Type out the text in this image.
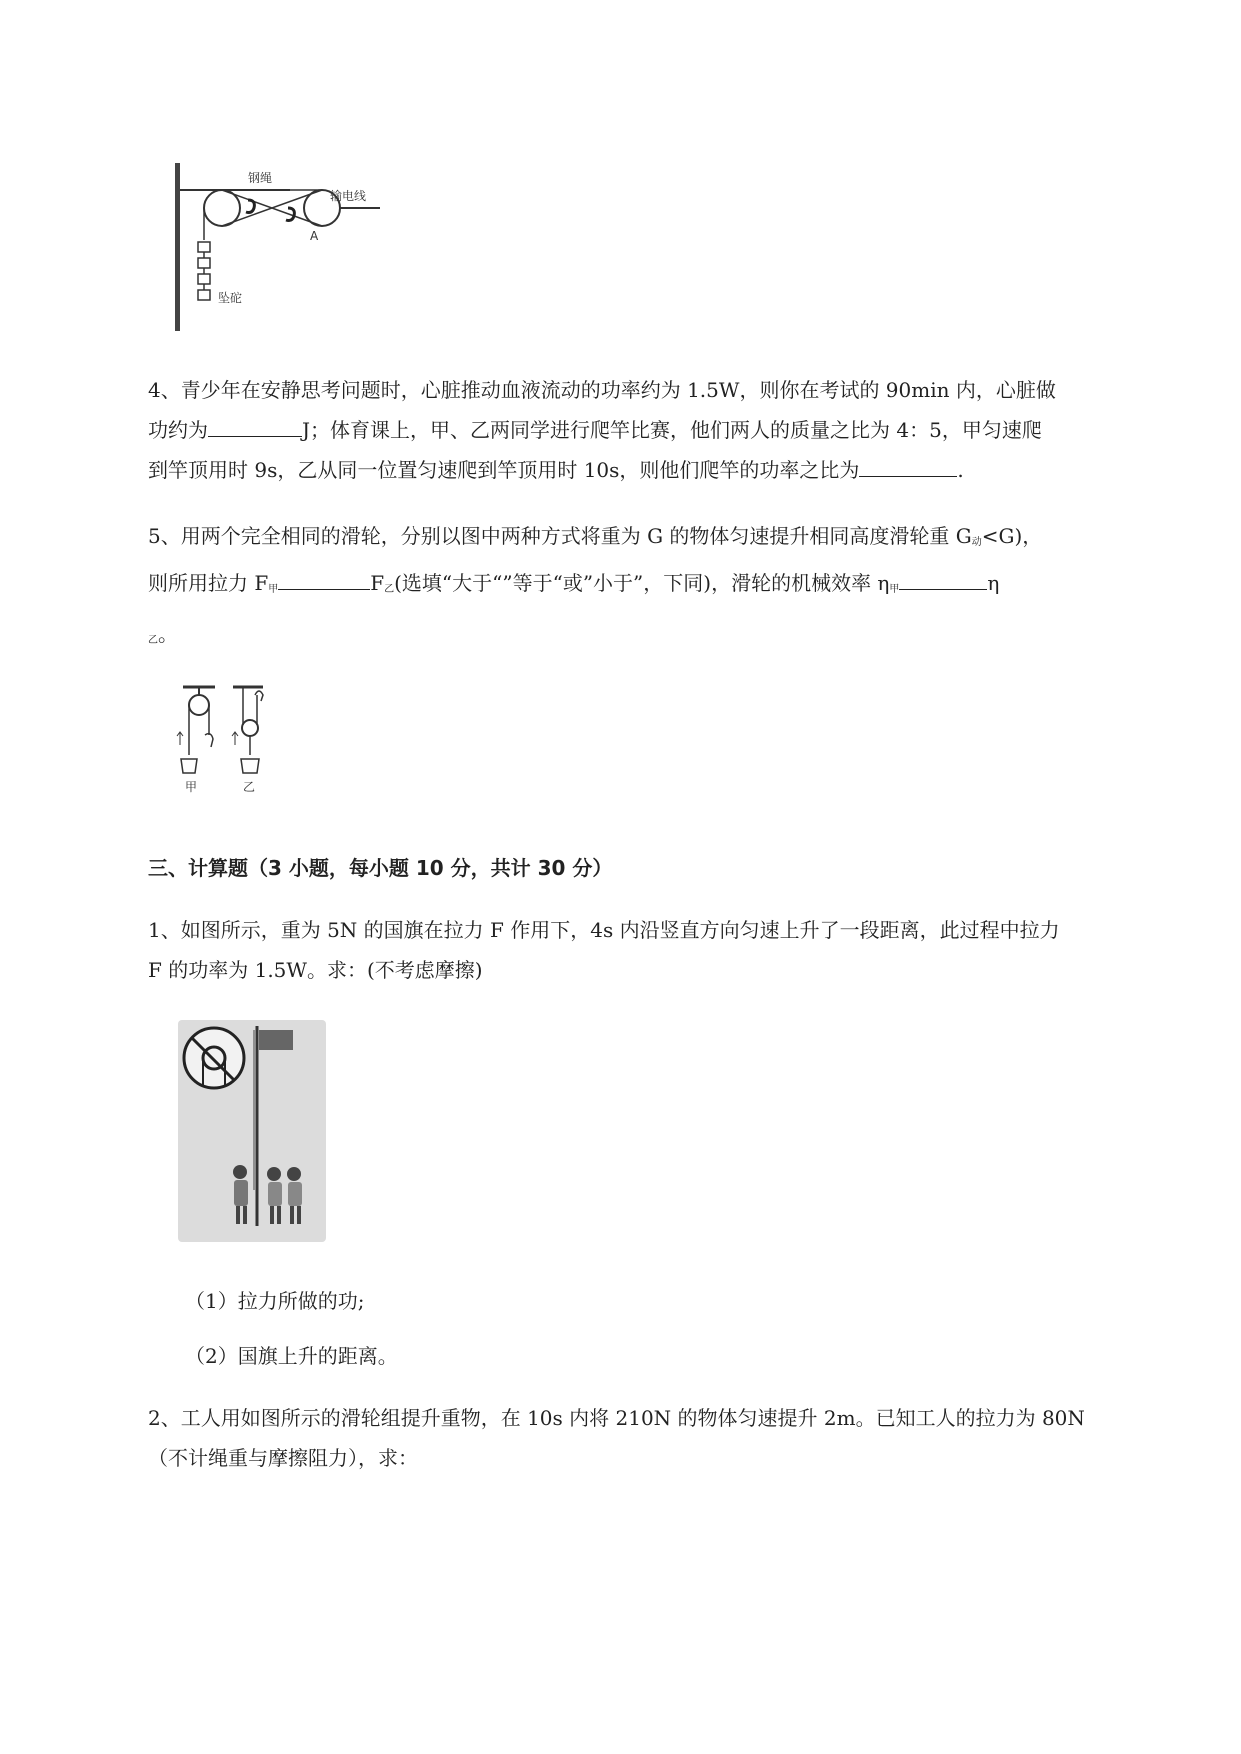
钢绳
输电线
A
坠砣
4、青少年在安静思考问题时，心脏推动血液流动的功率约为 1.5W，则你在考试的 90min 内，心脏做
功约为	J；体育课上，甲、乙两同学进行爬竿比赛，他们两人的质量之比为 4：5，甲匀速爬
到竿顶用时 9s，乙从同一位置匀速爬到竿顶用时 10s，则他们爬竿的功率之比为	.
5、用两个完全相同的滑轮，分别以图中两种方式将重为 G 的物体匀速提升相同高度滑轮重 $G_动<G$)，
则所用拉力 $F_甲$	$F_乙$(选填“大于“”等于“或”小于”，下同)，滑轮的机械效率 $\eta_甲$	η
$_乙$。
甲	乙
三、计算题（3 小题，每小题 10 分，共计 30 分）
1、如图所示，重为 5N 的国旗在拉力 F 作用下，4s 内沿竖直方向匀速上升了一段距离，此过程中拉力
F 的功率为 1.5W。求：(不考虑摩擦)
（1）拉力所做的功;
（2）国旗上升的距离。
2、工人用如图所示的滑轮组提升重物，在 10s 内将 210N 的物体匀速提升 2m。已知工人的拉力为 80N
（不计绳重与摩擦阻力），求：
